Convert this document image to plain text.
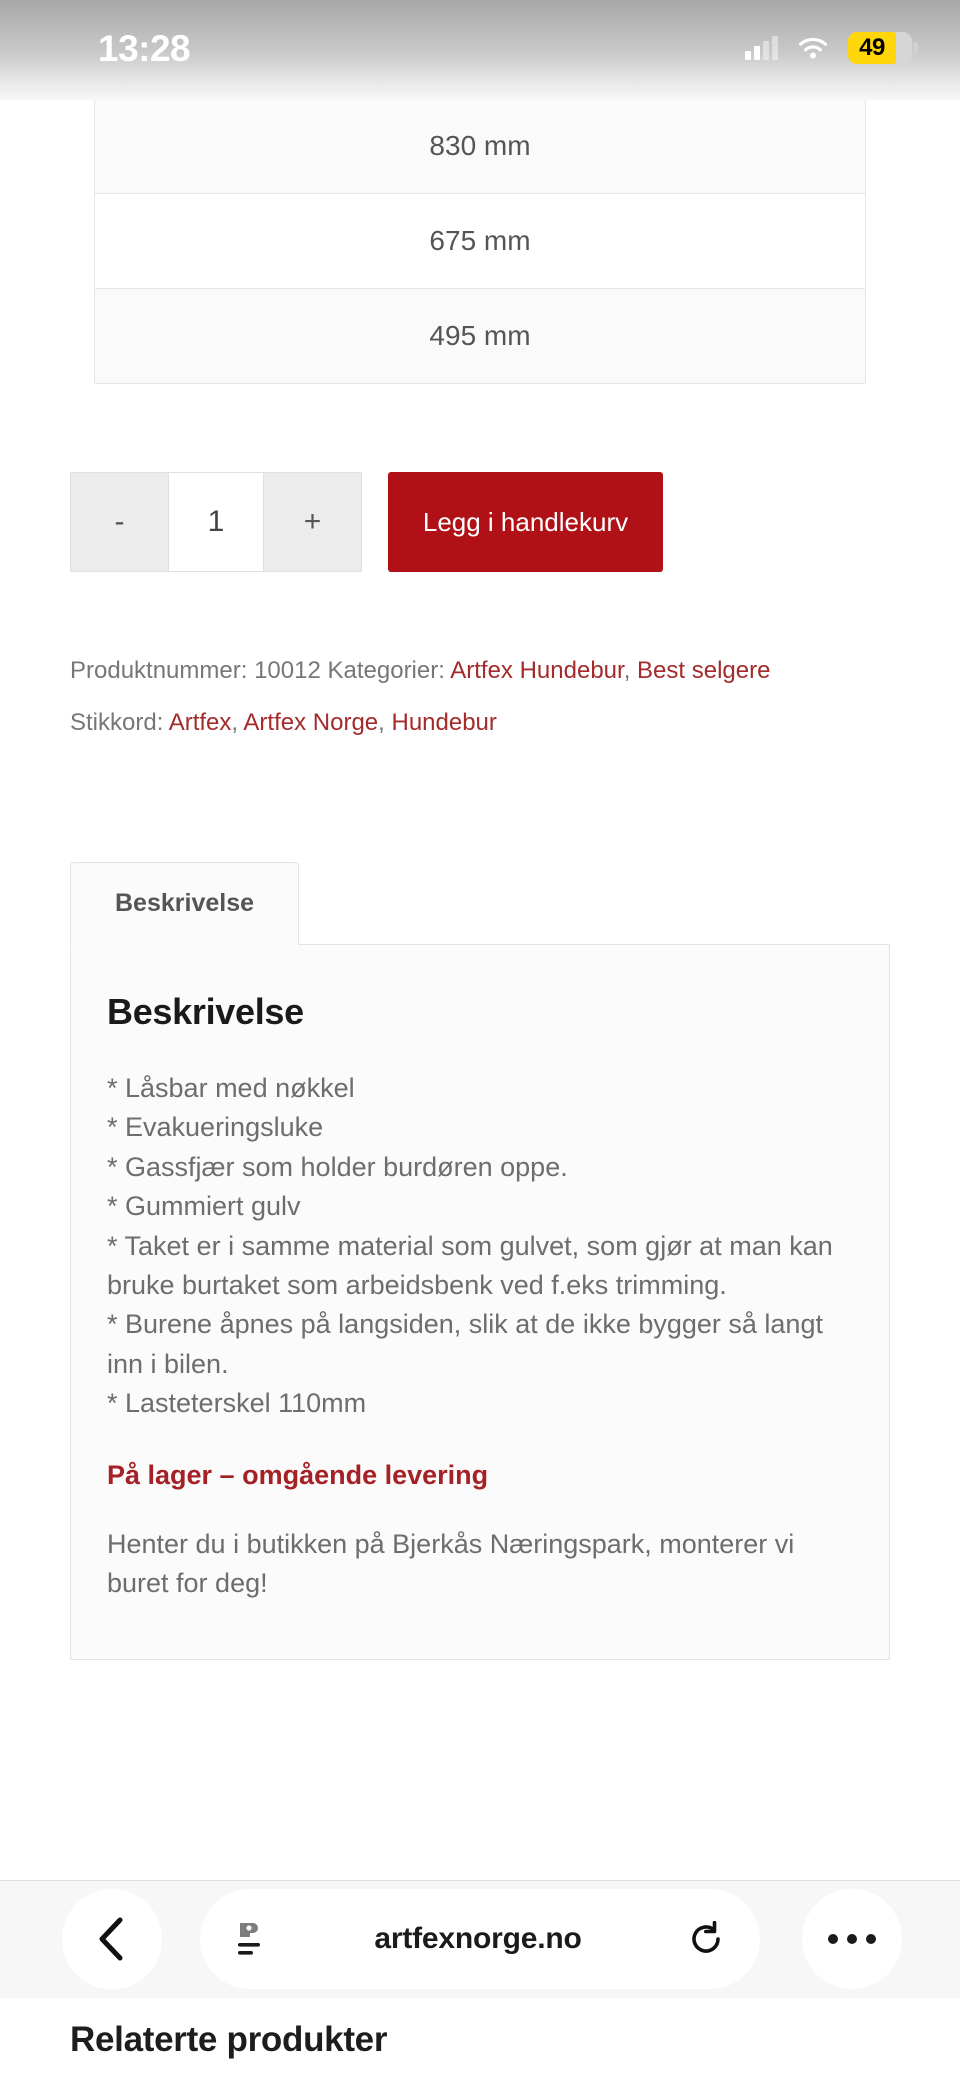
830 mm
675 mm
495 mm
-
1	+	Legg i handlekurv
Produktnummer: 10012 Kategorier: Artfex Hundebur, Best selgere
Stikkord: Artfex, Artfex Norge, Hundebur
Beskrivelse
Beskrivelse
* Låsbar med nøkkel
* Evakueringsluke
* Gassfjær som holder burdøren oppe.
* Gummiert gulv
* Taket er i samme material som gulvet, som gjør at man kan bruke burtaket som arbeidsbenk ved f.eks trimming.
* Burene åpnes på langsiden, slik at de ikke bygger så langt inn i bilen.
* Lasteterskel 110mm
På lager – omgående levering
Henter du i butikken på Bjerkås Næringspark, monterer vi buret for deg!
Relaterte produkter
13:28	49
artfexnorge.no
